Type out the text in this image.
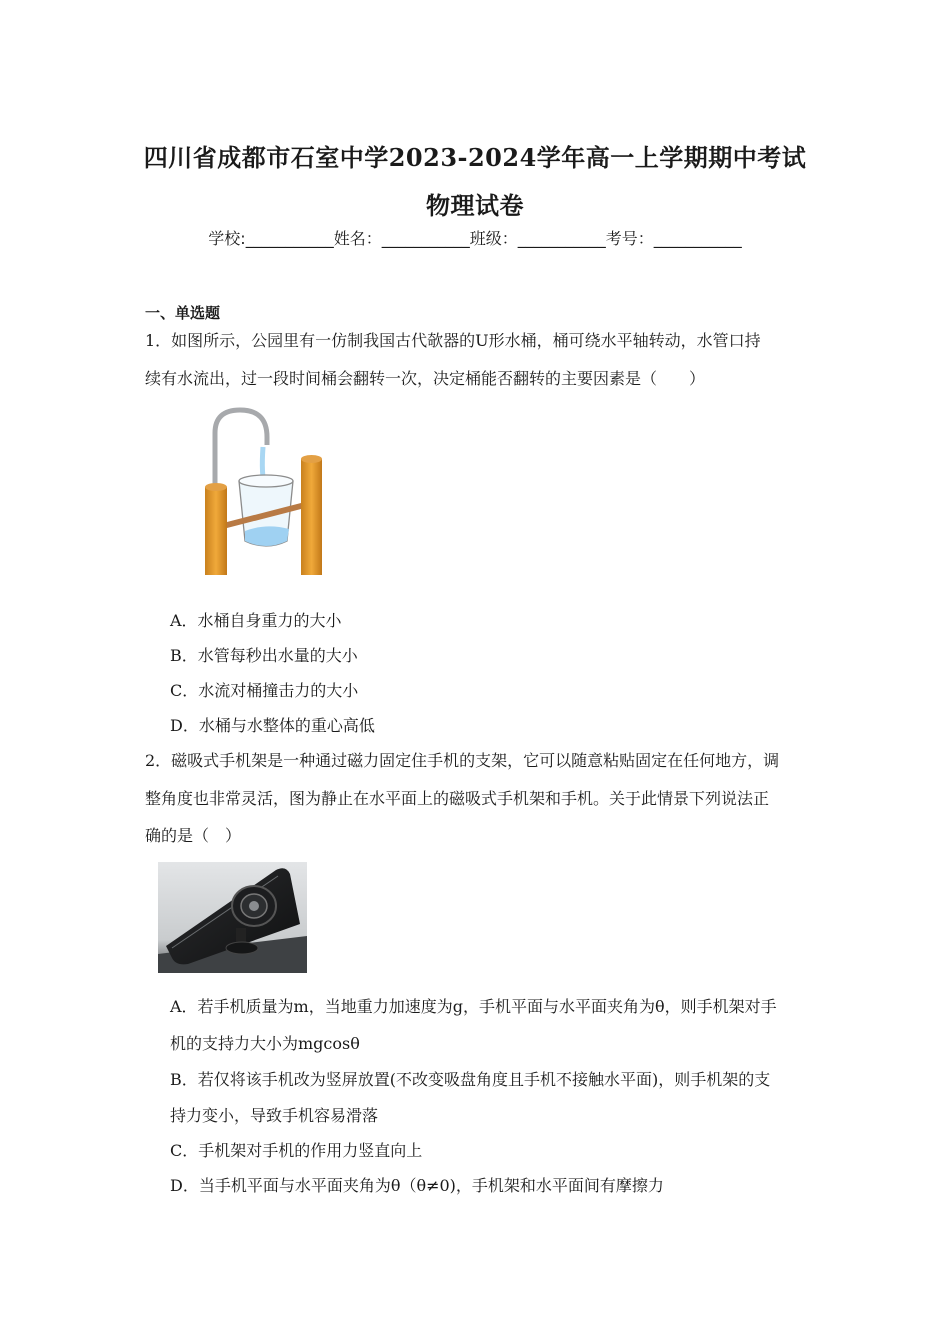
四川省成都市石室中学2023-2024学年高一上学期期中考试
物理试卷
学校:___________姓名：___________班级：___________考号：___________
一、单选题
1．如图所示，公园里有一仿制我国古代欹器的U形水桶，桶可绕水平轴转动，水管口持
续有水流出，过一段时间桶会翻转一次，决定桶能否翻转的主要因素是（　　）
A．水桶自身重力的大小
B．水管每秒出水量的大小
C．水流对桶撞击力的大小
D．水桶与水整体的重心高低
2．磁吸式手机架是一种通过磁力固定住手机的支架，它可以随意粘贴固定在任何地方，调
整角度也非常灵活，图为静止在水平面上的磁吸式手机架和手机。关于此情景下列说法正
确的是（　）
A．若手机质量为m，当地重力加速度为g，手机平面与水平面夹角为θ，则手机架对手
机的支持力大小为mgcosθ
B．若仅将该手机改为竖屏放置(不改变吸盘角度且手机不接触水平面)，则手机架的支
持力变小，导致手机容易滑落
C．手机架对手机的作用力竖直向上
D．当手机平面与水平面夹角为θ（θ≠0)，手机架和水平面间有摩擦力
